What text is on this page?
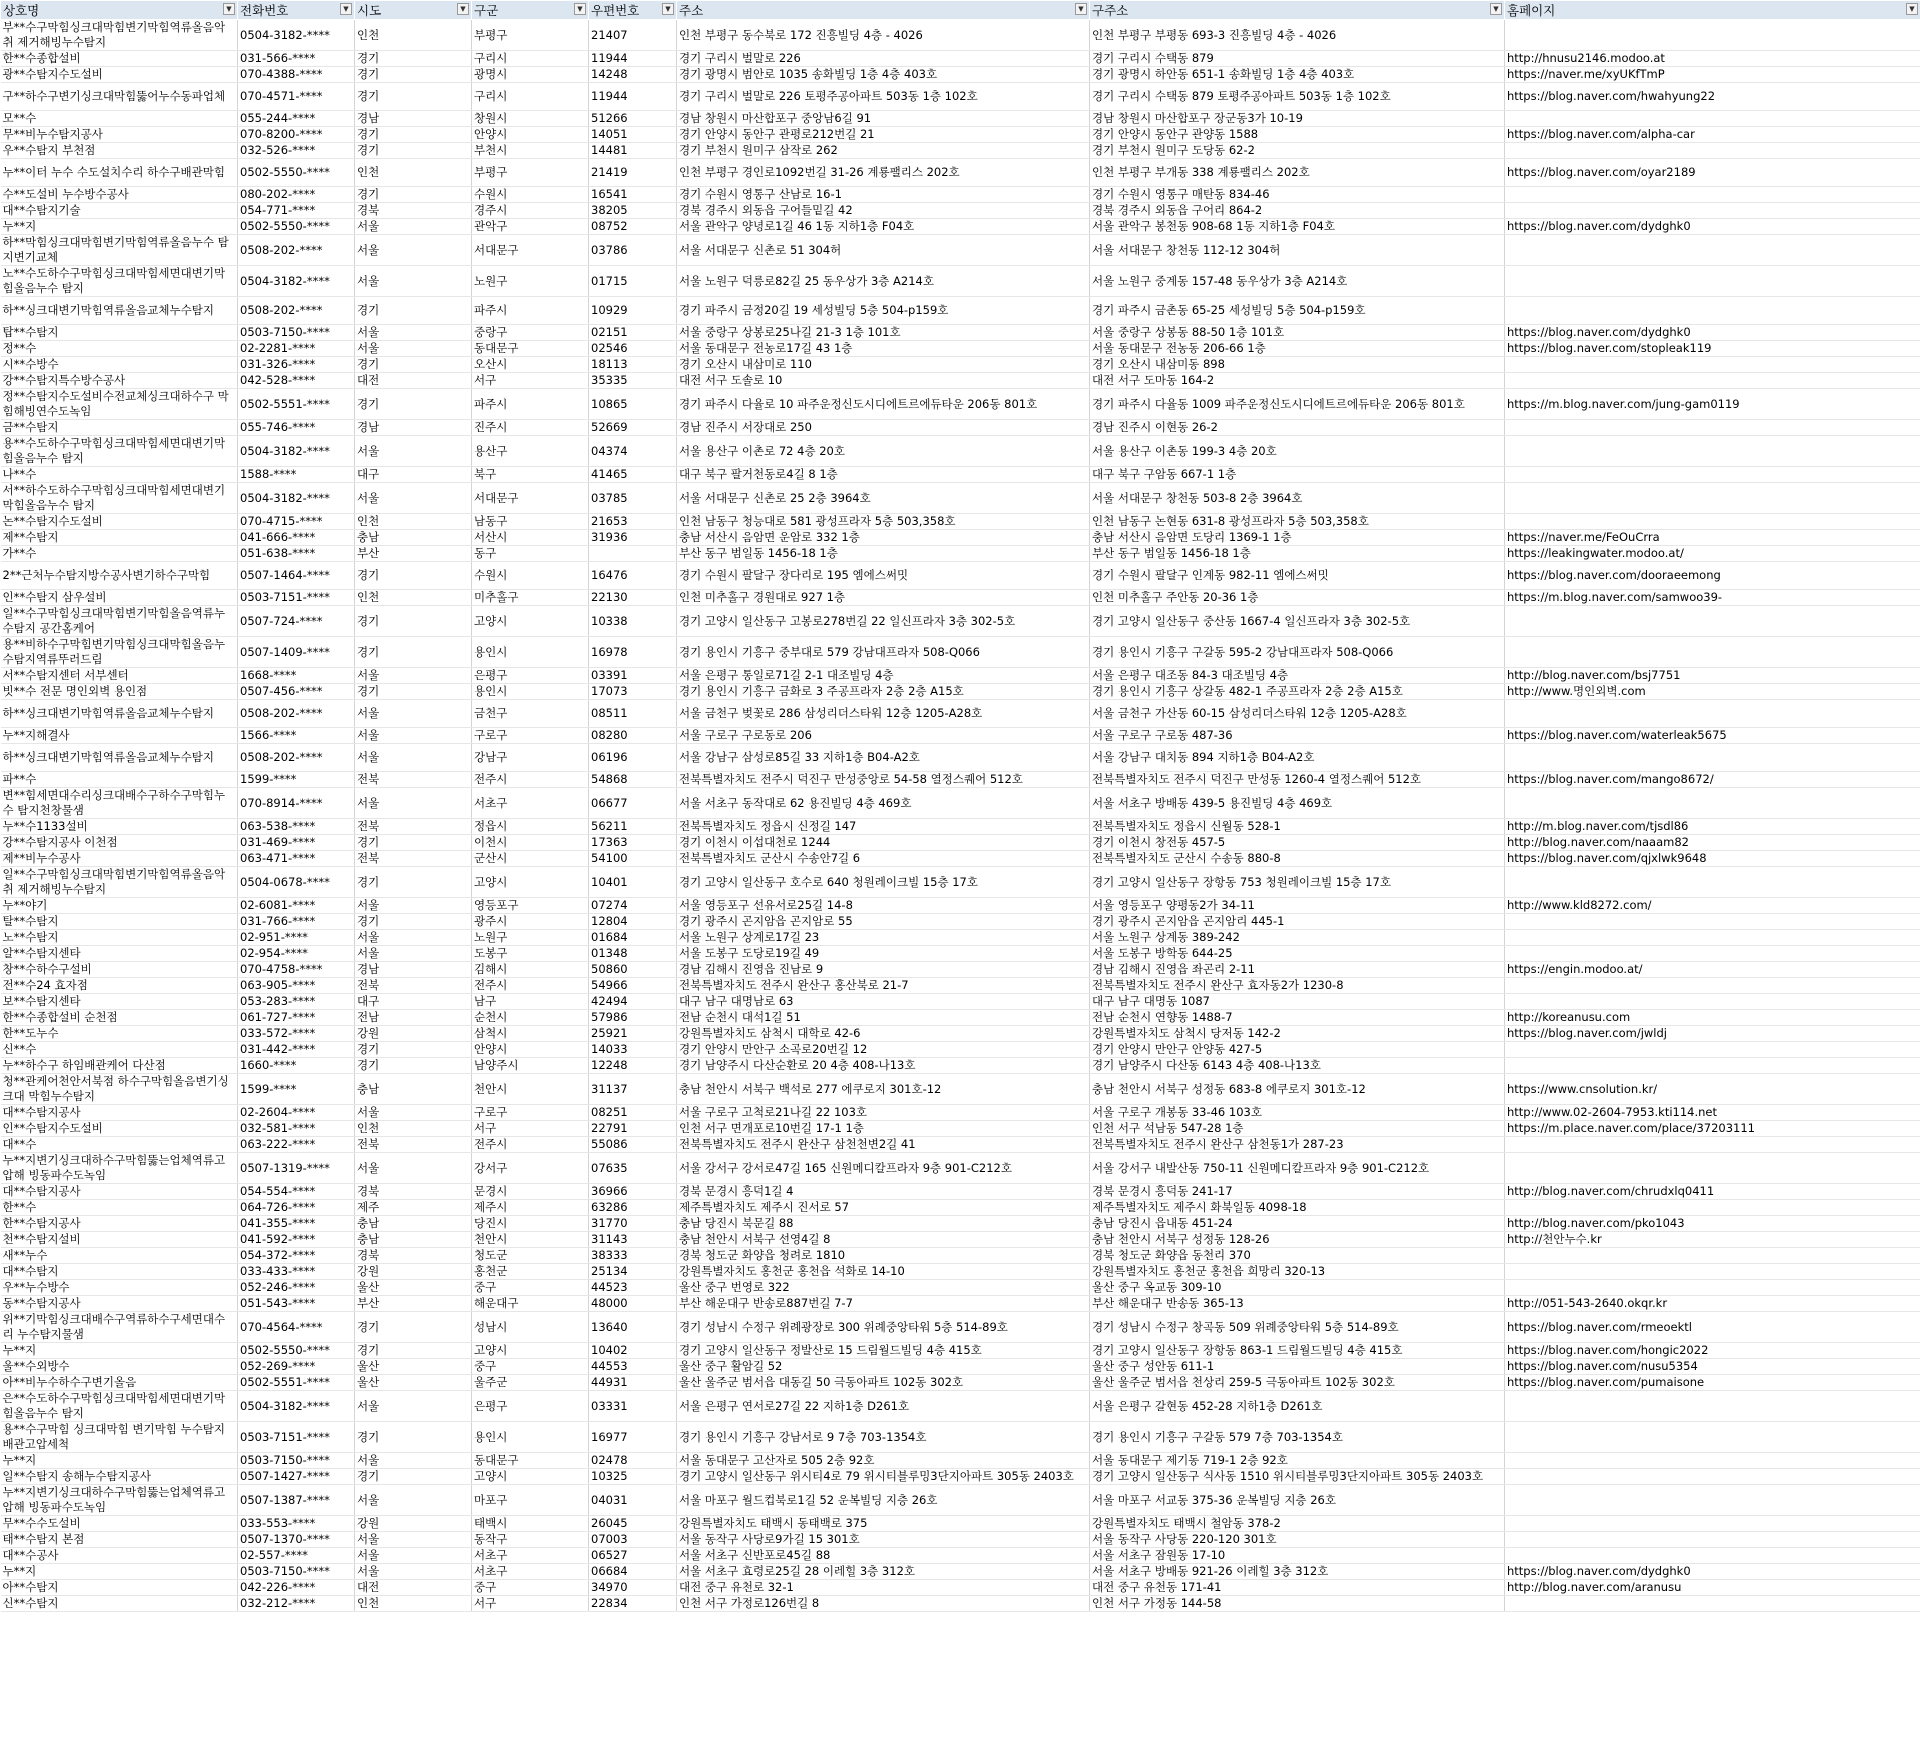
상호명 ▼	전화번호 ▼	시도 ▼	구군 ▼	우편번호 ▼	주소 ▼	구주소 ▼	홈페이지 ▼

부**수구막힘싱크대막힘변기막힘역류올음악취 제거해빙누수탐지	0504-3182-****	인천	부평구	21407	인천 부평구 동수북로 172 진흥빌딩 4층 - 4026	인천 부평구 부평동 693-3 진흥빌딩 4층 - 4026	
한**수종합설비	031-566-****	경기	구리시	11944	경기 구리시 벌말로 226	경기 구리시 수택동 879	http://hnusu2146.modoo.at
광**수탐지수도설비	070-4388-****	경기	광명시	14248	경기 광명시 범안로 1035 송화빌딩 1층 4층 403호	경기 광명시 하안동 651-1 송화빌딩 1층 4층 403호	https://naver.me/xyUKfTmP
구**하수구변기싱크대막힘뚫어누수동파업체	070-4571-****	경기	구리시	11944	경기 구리시 벌말로 226 토평주공아파트 503동 1층 102호	경기 구리시 수택동 879 토평주공아파트 503동 1층 102호	https://blog.naver.com/hwahyung22
모**수	055-244-****	경남	창원시	51266	경남 창원시 마산합포구 중앙남6길 91	경남 창원시 마산합포구 장군동3가 10-19	
무**비누수탐지공사	070-8200-****	경기	안양시	14051	경기 안양시 동안구 관평로212번길 21	경기 안양시 동안구 관양동 1588	https://blog.naver.com/alpha-car
우**수탐지 부천점	032-526-****	경기	부천시	14481	경기 부천시 원미구 삼작로 262	경기 부천시 원미구 도당동 62-2	
누**이터 누수 수도설치수리 하수구배관막힘	0502-5550-****	인천	부평구	21419	인천 부평구 경인로1092번길 31-26 계룡팰리스 202호	인천 부평구 부개동 338 계룡팰리스 202호	https://blog.naver.com/oyar2189
수**도설비 누수방수공사	080-202-****	경기	수원시	16541	경기 수원시 영통구 산남로 16-1	경기 수원시 영통구 매탄동 834-46	
대**수탐지기술	054-771-****	경북	경주시	38205	경북 경주시 외동읍 구어들밑길 42	경북 경주시 외동읍 구어리 864-2	
누**지	0502-5550-****	서울	관악구	08752	서울 관악구 양녕로1길 46 1동 지하1층 F04호	서울 관악구 봉천동 908-68 1동 지하1층 F04호	https://blog.naver.com/dydghk0
하**막힘싱크대막힘변기막힘역류올음누수 탐지변기교체	0508-202-****	서울	서대문구	03786	서울 서대문구 신촌로 51 304허	서울 서대문구 창천동 112-12 304허	
노**수도하수구막힘싱크대막힘세면대변기막힘올음누수 탐지	0504-3182-****	서울	노원구	01715	서울 노원구 덕릉로82길 25 동우상가 3층 A214호	서울 노원구 중계동 157-48 동우상가 3층 A214호	
하**싱크대변기막힘역류올음교체누수탐지	0508-202-****	경기	파주시	10929	경기 파주시 금정20길 19 세성빌딩 5층 504-p159호	경기 파주시 금촌동 65-25 세성빌딩 5층 504-p159호	
탑**수탐지	0503-7150-****	서울	중랑구	02151	서울 중랑구 상봉로25나길 21-3 1층 101호	서울 중랑구 상봉동 88-50 1층 101호	https://blog.naver.com/dydghk0
정**수	02-2281-****	서울	동대문구	02546	서울 동대문구 전농로17길 43 1층	서울 동대문구 전농동 206-66 1층	https://blog.naver.com/stopleak119
시**수방수	031-326-****	경기	오산시	18113	경기 오산시 내삼미로 110	경기 오산시 내삼미동 898	
강**수탐지특수방수공사	042-528-****	대전	서구	35335	대전 서구 도솔로 10	대전 서구 도마동 164-2	
정**수탐지수도설비수전교체싱크대하수구 막힘해빙연수도녹임	0502-5551-****	경기	파주시	10865	경기 파주시 다율로 10 파주운정신도시디에트르에듀타운 206동 801호	경기 파주시 다율동 1009 파주운정신도시디에트르에듀타운 206동 801호	https://m.blog.naver.com/jung-gam0119
금**수탐지	055-746-****	경남	진주시	52669	경남 진주시 서장대로 250	경남 진주시 이현동 26-2	
용**수도하수구막힘싱크대막힘세면대변기막힘올음누수 탐지	0504-3182-****	서울	용산구	04374	서울 용산구 이촌로 72 4층 20호	서울 용산구 이촌동 199-3 4층 20호	
나**수	1588-****	대구	북구	41465	대구 북구 팔거천동로4길 8 1층	대구 북구 구암동 667-1 1층	
서**하수도하수구막힘싱크대막힘세면대변기막힘올음누수 탐지	0504-3182-****	서울	서대문구	03785	서울 서대문구 신촌로 25 2층 3964호	서울 서대문구 창천동 503-8 2층 3964호	
논**수탐지수도설비	070-4715-****	인천	남동구	21653	인천 남동구 청능대로 581 광성프라자 5층 503,358호	인천 남동구 논현동 631-8 광성프라자 5층 503,358호	
제**수탐지	041-666-****	충남	서산시	31936	충남 서산시 음암면 운암로 332 1층	충남 서산시 음암면 도당리 1369-1 1층	https://naver.me/FeOuCrra
가**수	051-638-****	부산	동구		부산 동구 범일동 1456-18 1층	부산 동구 범일동 1456-18 1층	https://leakingwater.modoo.at/
2**근처누수탐지방수공사변기하수구막힘	0507-1464-****	경기	수원시	16476	경기 수원시 팔달구 장다리로 195 엠에스써밋	경기 수원시 팔달구 인계동 982-11 엠에스써밋	https://blog.naver.com/dooraeemong
인**수탐지 삼우설비	0503-7151-****	인천	미추홀구	22130	인천 미추홀구 경원대로 927 1층	인천 미추홀구 주안동 20-36 1층	https://m.blog.naver.com/samwoo39-
일**수구막힘싱크대막힘변기막힘올음역류누수탐지 공간홈케어	0507-724-****	경기	고양시	10338	경기 고양시 일산동구 고봉로278번길 22 일신프라자 3층 302-5호	경기 고양시 일산동구 중산동 1667-4 일신프라자 3층 302-5호	
용**비하수구막힘변기막힘싱크대막힘올음누수탐지역류뚜러드림	0507-1409-****	경기	용인시	16978	경기 용인시 기흥구 중부대로 579 강남대프라자 508-Q066	경기 용인시 기흥구 구갈동 595-2 강남대프라자 508-Q066	
서**수탐지센터 서부센터	1668-****	서울	은평구	03391	서울 은평구 통일로71길 2-1 대조빌딩 4층	서울 은평구 대조동 84-3 대조빌딩 4층	http://blog.naver.com/bsj7751
빗**수 전문 명인외벽 용인점	0507-456-****	경기	용인시	17073	경기 용인시 기흥구 금화로 3 주공프라자 2층 2층 A15호	경기 용인시 기흥구 상갈동 482-1 주공프라자 2층 2층 A15호	http://www.명인외벽.com
하**싱크대변기막힘역류올음교체누수탐지	0508-202-****	서울	금천구	08511	서울 금천구 벚꽃로 286 삼성리더스타워 12층 1205-A28호	서울 금천구 가산동 60-15 삼성리더스타워 12층 1205-A28호	
누**지해결사	1566-****	서울	구로구	08280	서울 구로구 구로동로 206	서울 구로구 구로동 487-36	https://blog.naver.com/waterleak5675
하**싱크대변기막힘역류올음교체누수탐지	0508-202-****	서울	강남구	06196	서울 강남구 삼성로85길 33 지하1층 B04-A2호	서울 강남구 대치동 894 지하1층 B04-A2호	
파**수	1599-****	전북	전주시	54868	전북특별자치도 전주시 덕진구 만성중앙로 54-58 열정스퀘어 512호	전북특별자치도 전주시 덕진구 만성동 1260-4 열정스퀘어 512호	https://blog.naver.com/mango8672/
변**힘세면대수리싱크대배수구하수구막힘누수 탐지천창물샘	070-8914-****	서울	서초구	06677	서울 서초구 동작대로 62 용진빌딩 4층 469호	서울 서초구 방배동 439-5 용진빌딩 4층 469호	
누**수1133설비	063-538-****	전북	정읍시	56211	전북특별자치도 정읍시 신정길 147	전북특별자치도 정읍시 신월동 528-1	http://m.blog.naver.com/tjsdl86
강**수탐지공사 이천점	031-469-****	경기	이천시	17363	경기 이천시 이섭대천로 1244	경기 이천시 창전동 457-5	http://blog.naver.com/naaam82
제**비누수공사	063-471-****	전북	군산시	54100	전북특별자치도 군산시 수송안7길 6	전북특별자치도 군산시 수송동 880-8	https://blog.naver.com/qjxlwk9648
일**수구막힘싱크대막힘변기막힘역류올음악취 제거해빙누수탐지	0504-0678-****	경기	고양시	10401	경기 고양시 일산동구 호수로 640 청원레이크빌 15층 17호	경기 고양시 일산동구 장항동 753 청원레이크빌 15층 17호	
누**야기	02-6081-****	서울	영등포구	07274	서울 영등포구 선유서로25길 14-8	서울 영등포구 양평동2가 34-11	http://www.kld8272.com/
탈**수탐지	031-766-****	경기	광주시	12804	경기 광주시 곤지암읍 곤지암로 55	경기 광주시 곤지암읍 곤지암리 445-1	
노**수탐지	02-951-****	서울	노원구	01684	서울 노원구 상계로17길 23	서울 노원구 상계동 389-242	
알**수탐지센타	02-954-****	서울	도봉구	01348	서울 도봉구 도당로19길 49	서울 도봉구 방학동 644-25	
창**수하수구설비	070-4758-****	경남	김해시	50860	경남 김해시 진영읍 진남로 9	경남 김해시 진영읍 좌곤리 2-11	https://engin.modoo.at/
전**수24 효자점	063-905-****	전북	전주시	54966	전북특별자치도 전주시 완산구 홍산북로 21-7	전북특별자치도 전주시 완산구 효자동2가 1230-8	
보**수탐지센타	053-283-****	대구	남구	42494	대구 남구 대명남로 63	대구 남구 대명동 1087	
한**수종합설비 순천점	061-727-****	전남	순천시	57986	전남 순천시 대석1길 51	전남 순천시 연향동 1488-7	http://koreanusu.com
한**도누수	033-572-****	강원	삼척시	25921	강원특별자치도 삼척시 대학로 42-6	강원특별자치도 삼척시 당저동 142-2	https://blog.naver.com/jwldj
신**수	031-442-****	경기	안양시	14033	경기 안양시 만안구 소곡로20번길 12	경기 안양시 만안구 안양동 427-5	
누**하수구 하임배관케어 다산점	1660-****	경기	남양주시	12248	경기 남양주시 다산순환로 20 4층 408-나13호	경기 남양주시 다산동 6143 4층 408-나13호	
청**관케어천안서북점 하수구막힘올음변기싱크대 막힘누수탐지	1599-****	충남	천안시	31137	충남 천안시 서북구 백석로 277 에쿠로지 301호-12	충남 천안시 서북구 성정동 683-8 에쿠로지 301호-12	https://www.cnsolution.kr/
대**수탐지공사	02-2604-****	서울	구로구	08251	서울 구로구 고척로21나길 22 103호	서울 구로구 개봉동 33-46 103호	http://www.02-2604-7953.kti114.net
인**수탐지수도설비	032-581-****	인천	서구	22791	인천 서구 면개포로10번길 17-1 1층	인천 서구 석남동 547-28 1층	https://m.place.naver.com/place/37203111
대**수	063-222-****	전북	전주시	55086	전북특별자치도 전주시 완산구 삼천천변2길 41	전북특별자치도 전주시 완산구 삼천동1가 287-23	
누**지변기싱크대하수구막힘뚫는업체역류고압해 빙동파수도녹임	0507-1319-****	서울	강서구	07635	서울 강서구 강서로47길 165 신원메디칼프라자 9층 901-C212호	서울 강서구 내발산동 750-11 신원메디칼프라자 9층 901-C212호	
대**수탐지공사	054-554-****	경북	문경시	36966	경북 문경시 흥덕1길 4	경북 문경시 흥덕동 241-17	http://blog.naver.com/chrudxlq0411
한**수	064-726-****	제주	제주시	63286	제주특별자치도 제주시 진서로 57	제주특별자치도 제주시 화북일동 4098-18	
한**수탐지공사	041-355-****	충남	당진시	31770	충남 당진시 북문길 88	충남 당진시 읍내동 451-24	http://blog.naver.com/pko1043
천**수탐지설비	041-592-****	충남	천안시	31143	충남 천안시 서북구 선영4길 8	충남 천안시 서북구 성정동 128-26	http://천안누수.kr
새**누수	054-372-****	경북	청도군	38333	경북 청도군 화양읍 청려로 1810	경북 청도군 화양읍 동천리 370	
대**수탐지	033-433-****	강원	홍천군	25134	강원특별자치도 홍천군 홍천읍 석화로 14-10	강원특별자치도 홍천군 홍천읍 희망리 320-13	
우**누수방수	052-246-****	울산	중구	44523	울산 중구 번영로 322	울산 중구 옥교동 309-10	
동**수탐지공사	051-543-****	부산	해운대구	48000	부산 해운대구 반송로887번길 7-7	부산 해운대구 반송동 365-13	http://051-543-2640.okqr.kr
위**기막힘싱크대배수구역류하수구세면대수리 누수탐지물샘	070-4564-****	경기	성남시	13640	경기 성남시 수정구 위례광장로 300 위례중앙타워 5층 514-89호	경기 성남시 수정구 창곡동 509 위례중앙타워 5층 514-89호	https://blog.naver.com/rmeoektl
누**지	0502-5550-****	경기	고양시	10402	경기 고양시 일산동구 정발산로 15 드림월드빌딩 4층 415호	경기 고양시 일산동구 장항동 863-1 드림월드빌딩 4층 415호	https://blog.naver.com/hongic2022
울**수외방수	052-269-****	울산	중구	44553	울산 중구 활암길 52	울산 중구 성안동 611-1	https://blog.naver.com/nusu5354
아**비누수하수구변기올음	0502-5551-****	울산	울주군	44931	울산 울주군 범서읍 대동길 50 극동아파트 102동 302호	울산 울주군 범서읍 천상리 259-5 극동아파트 102동 302호	https://blog.naver.com/pumaisone
은**수도하수구막힘싱크대막힘세면대변기막힘올음누수 탐지	0504-3182-****	서울	은평구	03331	서울 은평구 연서로27길 22 지하1층 D261호	서울 은평구 갈현동 452-28 지하1층 D261호	
용**수구막힘 싱크대막힘 변기막힘 누수탐지 배관고압세척	0503-7151-****	경기	용인시	16977	경기 용인시 기흥구 강남서로 9 7층 703-1354호	경기 용인시 기흥구 구갈동 579 7층 703-1354호	
누**지	0503-7150-****	서울	동대문구	02478	서울 동대문구 고산자로 505 2층 92호	서울 동대문구 제기동 719-1 2층 92호	
일**수탐지 송해누수탐지공사	0507-1427-****	경기	고양시	10325	경기 고양시 일산동구 위시티4로 79 위시티블루밍3단지아파트 305동 2403호	경기 고양시 일산동구 식사동 1510 위시티블루밍3단지아파트 305동 2403호	
누**지변기싱크대하수구막힘뚫는업체역류고압해 빙동파수도녹임	0507-1387-****	서울	마포구	04031	서울 마포구 월드컵북로1길 52 운복빌딩 지층 26호	서울 마포구 서교동 375-36 운복빌딩 지층 26호	
무**수수도설비	033-553-****	강원	태백시	26045	강원특별자치도 태백시 동태백로 375	강원특별자치도 태백시 철암동 378-2	
태**수탐지 본점	0507-1370-****	서울	동작구	07003	서울 동작구 사당로9가길 15 301호	서울 동작구 사당동 220-120 301호	
대**수공사	02-557-****	서울	서초구	06527	서울 서초구 신반포로45길 88	서울 서초구 잠원동 17-10	
누**지	0503-7150-****	서울	서초구	06684	서울 서초구 효령로25길 28 이레힐 3층 312호	서울 서초구 방배동 921-26 이레힐 3층 312호	https://blog.naver.com/dydghk0
아**수탐지	042-226-****	대전	중구	34970	대전 중구 유천로 32-1	대전 중구 유천동 171-41	http://blog.naver.com/aranusu
신**수탐지	032-212-****	인천	서구	22834	인천 서구 가정로126번길 8	인천 서구 가정동 144-58	
